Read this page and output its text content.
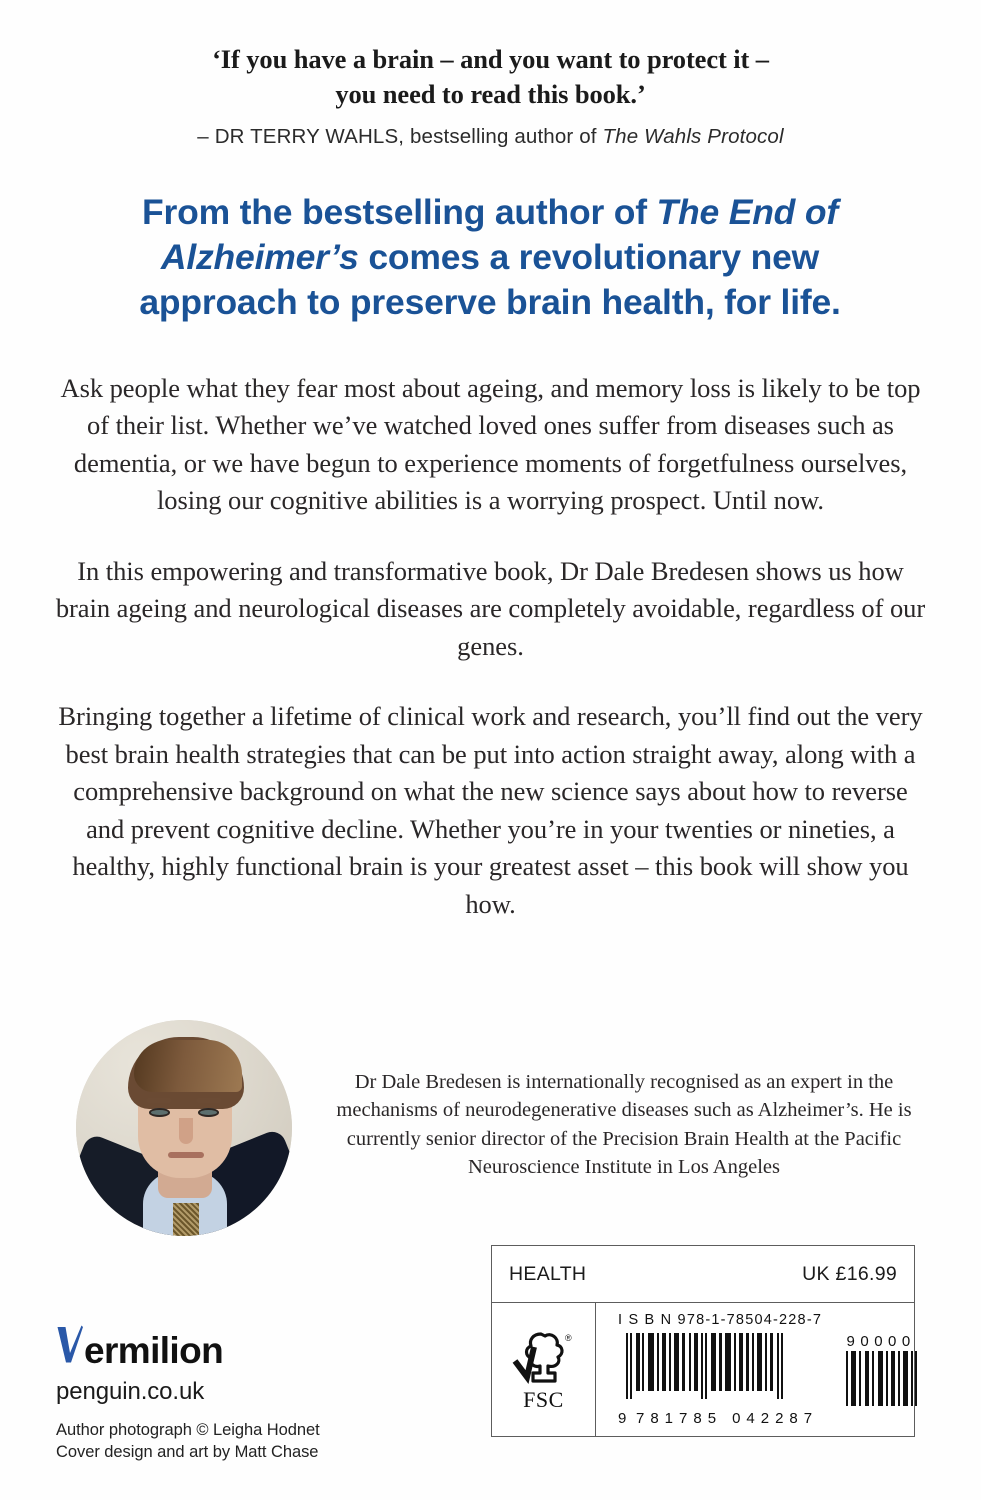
‘If you have a brain – and you want to protect it –
you need to read this book.’
– DR TERRY WAHLS, bestselling author of The Wahls Protocol
From the bestselling author of The End of Alzheimer’s comes a revolutionary new approach to preserve brain health, for life.

Ask people what they fear most about ageing, and memory loss is likely to be top of their list. Whether we’ve watched loved ones suffer from diseases such as dementia, or we have begun to experience moments of forgetfulness ourselves, losing our cognitive abilities is a worrying prospect. Until now.

In this empowering and transformative book, Dr Dale Bredesen shows us how brain ageing and neurological diseases are completely avoidable, regardless of our genes.

Bringing together a lifetime of clinical work and research, you’ll find out the very best brain health strategies that can be put into action straight away, along with a comprehensive background on what the new science says about how to reverse and prevent cognitive decline. Whether you’re in your twenties or nineties, a healthy, highly functional brain is your greatest asset – this book will show you how.

Dr Dale Bredesen is internationally recognised as an expert in the mechanisms of neurodegenerative diseases such as Alzheimer’s. He is currently senior director of the Precision Brain Health at the Pacific Neuroscience Institute in Los Angeles
ermilion
penguin.co.uk
Author photograph © Leigha Hodnet
Cover design and art by Matt Chase
HEALTH	UK £16.99
®
FSC
I S B N 978-1-78504-228-7
9 781785 042287
90000
